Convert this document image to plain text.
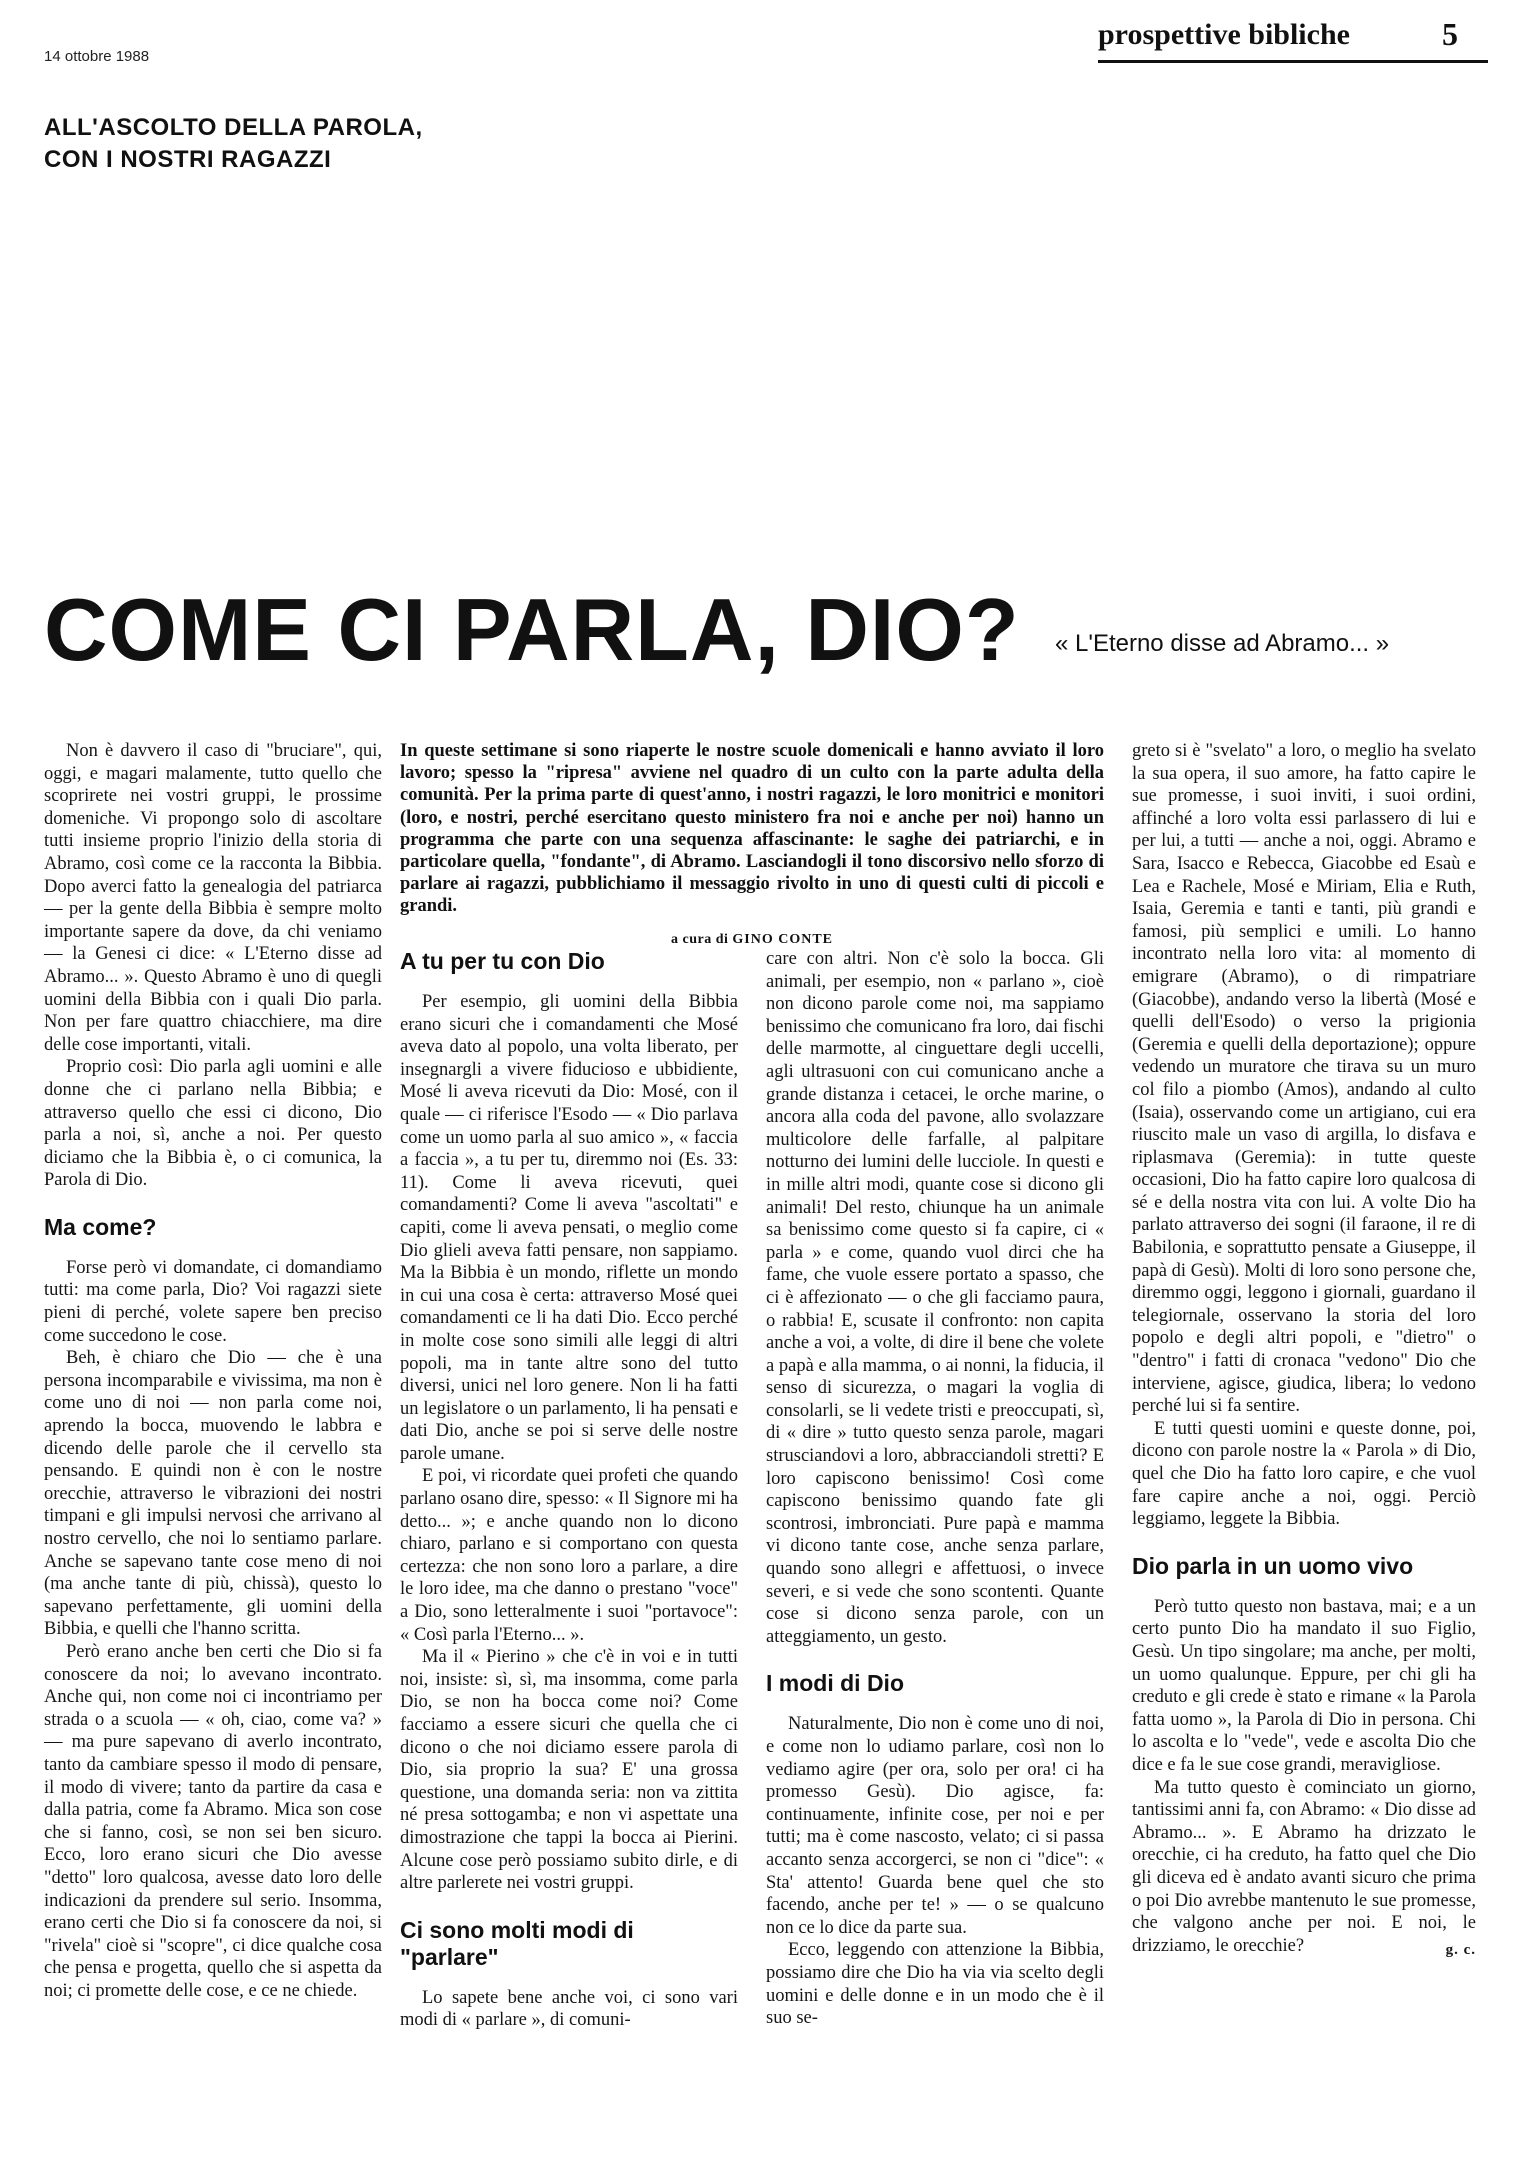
14 ottobre 1988
prospettive bibliche	5
ALL'ASCOLTO DELLA PAROLA,
CON I NOSTRI RAGAZZI
COME CI PARLA, DIO? « L'Eterno disse ad Abramo... »
In queste settimane si sono riaperte le nostre scuole domenicali e hanno avviato il loro lavoro; spesso la "ripresa" avviene nel quadro di un culto con la parte adulta della comunità. Per la prima parte di quest'anno, i nostri ragazzi, le loro monitrici e monitori (loro, e nostri, perché esercitano questo ministero fra noi e anche per noi) hanno un programma che parte con una sequenza affascinante: le saghe dei patriarchi, e in particolare quella, "fondante", di Abramo. Lasciandogli il tono discorsivo nello sforzo di parlare ai ragazzi, pubblichiamo il messaggio rivolto in uno di questi culti di piccoli e grandi.
a cura di GINO CONTE

Non è davvero il caso di "bruciare", qui, oggi, e magari malamente, tutto quello che scoprirete nei vostri gruppi, le prossime domeniche. Vi propongo solo di ascoltare tutti insieme proprio l'inizio della storia di Abramo, così come ce la racconta la Bibbia. Dopo averci fatto la genealogia del patriarca — per la gente della Bibbia è sempre molto importante sapere da dove, da chi veniamo — la Genesi ci dice: « L'Eterno disse ad Abramo... ». Questo Abramo è uno di quegli uomini della Bibbia con i quali Dio parla. Non per fare quattro chiacchiere, ma dire delle cose importanti, vitali.

Proprio così: Dio parla agli uomini e alle donne che ci parlano nella Bibbia; e attraverso quello che essi ci dicono, Dio parla a noi, sì, anche a noi. Per questo diciamo che la Bibbia è, o ci comunica, la Parola di Dio.

Ma come?

Forse però vi domandate, ci domandiamo tutti: ma come parla, Dio? Voi ragazzi siete pieni di perché, volete sapere ben preciso come succedono le cose.

Beh, è chiaro che Dio — che è una persona incomparabile e vivissima, ma non è come uno di noi — non parla come noi, aprendo la bocca, muovendo le labbra e dicendo delle parole che il cervello sta pensando. E quindi non è con le nostre orecchie, attraverso le vibrazioni dei nostri timpani e gli impulsi nervosi che arrivano al nostro cervello, che noi lo sentiamo parlare. Anche se sapevano tante cose meno di noi (ma anche tante di più, chissà), questo lo sapevano perfettamente, gli uomini della Bibbia, e quelli che l'hanno scritta.

Però erano anche ben certi che Dio si fa conoscere da noi; lo avevano incontrato. Anche qui, non come noi ci incontriamo per strada o a scuola — « oh, ciao, come va? » — ma pure sapevano di averlo incontrato, tanto da cambiare spesso il modo di pensare, il modo di vivere; tanto da partire da casa e dalla patria, come fa Abramo. Mica son cose che si fanno, così, se non sei ben sicuro. Ecco, loro erano sicuri che Dio avesse "detto" loro qualcosa, avesse dato loro delle indicazioni da prendere sul serio. Insomma, erano certi che Dio si fa conoscere da noi, si "rivela" cioè si "scopre", ci dice qualche cosa che pensa e progetta, quello che si aspetta da noi; ci promette delle cose, e ce ne chiede.

A tu per tu con Dio

Per esempio, gli uomini della Bibbia erano sicuri che i comandamenti che Mosé aveva dato al popolo, una volta liberato, per insegnargli a vivere fiducioso e ubbidiente, Mosé li aveva ricevuti da Dio: Mosé, con il quale — ci riferisce l'Esodo — « Dio parlava come un uomo parla al suo amico », « faccia a faccia », a tu per tu, diremmo noi (Es. 33: 11). Come li aveva ricevuti, quei comandamenti? Come li aveva "ascoltati" e capiti, come li aveva pensati, o meglio come Dio glieli aveva fatti pensare, non sappiamo. Ma la Bibbia è un mondo, riflette un mondo in cui una cosa è certa: attraverso Mosé quei comandamenti ce li ha dati Dio. Ecco perché in molte cose sono simili alle leggi di altri popoli, ma in tante altre sono del tutto diversi, unici nel loro genere. Non li ha fatti un legislatore o un parlamento, li ha pensati e dati Dio, anche se poi si serve delle nostre parole umane.

E poi, vi ricordate quei profeti che quando parlano osano dire, spesso: « Il Signore mi ha detto... »; e anche quando non lo dicono chiaro, parlano e si comportano con questa certezza: che non sono loro a parlare, a dire le loro idee, ma che danno o prestano "voce" a Dio, sono letteralmente i suoi "portavoce": « Così parla l'Eterno... ».

Ma il « Pierino » che c'è in voi e in tutti noi, insiste: sì, sì, ma insomma, come parla Dio, se non ha bocca come noi? Come facciamo a essere sicuri che quella che ci dicono o che noi diciamo essere parola di Dio, sia proprio la sua? E' una grossa questione, una domanda seria: non va zittita né presa sottogamba; e non vi aspettate una dimostrazione che tappi la bocca ai Pierini. Alcune cose però possiamo subito dirle, e di altre parlerete nei vostri gruppi.

Ci sono molti modi di "parlare"

Lo sapete bene anche voi, ci sono vari modi di « parlare », di comuni-

care con altri. Non c'è solo la bocca. Gli animali, per esempio, non « parlano », cioè non dicono parole come noi, ma sappiamo benissimo che comunicano fra loro, dai fischi delle marmotte, al cinguettare degli uccelli, agli ultrasuoni con cui comunicano anche a grande distanza i cetacei, le orche marine, o ancora alla coda del pavone, allo svolazzare multicolore delle farfalle, al palpitare notturno dei lumini delle lucciole. In questi e in mille altri modi, quante cose si dicono gli animali! Del resto, chiunque ha un animale sa benissimo come questo si fa capire, ci « parla » e come, quando vuol dirci che ha fame, che vuole essere portato a spasso, che ci è affezionato — o che gli facciamo paura, o rabbia! E, scusate il confronto: non capita anche a voi, a volte, di dire il bene che volete a papà e alla mamma, o ai nonni, la fiducia, il senso di sicurezza, o magari la voglia di consolarli, se li vedete tristi e preoccupati, sì, di « dire » tutto questo senza parole, magari strusciandovi a loro, abbracciandoli stretti? E loro capiscono benissimo! Così come capiscono benissimo quando fate gli scontrosi, imbronciati. Pure papà e mamma vi dicono tante cose, anche senza parlare, quando sono allegri e affettuosi, o invece severi, e si vede che sono scontenti. Quante cose si dicono senza parole, con un atteggiamento, un gesto.

I modi di Dio

Naturalmente, Dio non è come uno di noi, e come non lo udiamo parlare, così non lo vediamo agire (per ora, solo per ora! ci ha promesso Gesù). Dio agisce, fa: continuamente, infinite cose, per noi e per tutti; ma è come nascosto, velato; ci si passa accanto senza accorgerci, se non ci "dice": « Sta' attento! Guarda bene quel che sto facendo, anche per te! » — o se qualcuno non ce lo dice da parte sua.

Ecco, leggendo con attenzione la Bibbia, possiamo dire che Dio ha via via scelto degli uomini e delle donne e in un modo che è il suo se-

greto si è "svelato" a loro, o meglio ha svelato la sua opera, il suo amore, ha fatto capire le sue promesse, i suoi inviti, i suoi ordini, affinché a loro volta essi parlassero di lui e per lui, a tutti — anche a noi, oggi. Abramo e Sara, Isacco e Rebecca, Giacobbe ed Esaù e Lea e Rachele, Mosé e Miriam, Elia e Ruth, Isaia, Geremia e tanti e tanti, più grandi e famosi, più semplici e umili. Lo hanno incontrato nella loro vita: al momento di emigrare (Abramo), o di rimpatriare (Giacobbe), andando verso la libertà (Mosé e quelli dell'Esodo) o verso la prigionia (Geremia e quelli della deportazione); oppure vedendo un muratore che tirava su un muro col filo a piombo (Amos), andando al culto (Isaia), osservando come un artigiano, cui era riuscito male un vaso di argilla, lo disfava e riplasmava (Geremia): in tutte queste occasioni, Dio ha fatto capire loro qualcosa di sé e della nostra vita con lui. A volte Dio ha parlato attraverso dei sogni (il faraone, il re di Babilonia, e soprattutto pensate a Giuseppe, il papà di Gesù). Molti di loro sono persone che, diremmo oggi, leggono i giornali, guardano il telegiornale, osservano la storia del loro popolo e degli altri popoli, e "dietro" o "dentro" i fatti di cronaca "vedono" Dio che interviene, agisce, giudica, libera; lo vedono perché lui si fa sentire.

E tutti questi uomini e queste donne, poi, dicono con parole nostre la « Parola » di Dio, quel che Dio ha fatto loro capire, e che vuol fare capire anche a noi, oggi. Perciò leggiamo, leggete la Bibbia.

Dio parla in un uomo vivo

Però tutto questo non bastava, mai; e a un certo punto Dio ha mandato il suo Figlio, Gesù. Un tipo singolare; ma anche, per molti, un uomo qualunque. Eppure, per chi gli ha creduto e gli crede è stato e rimane « la Parola fatta uomo », la Parola di Dio in persona. Chi lo ascolta e lo "vede", vede e ascolta Dio che dice e fa le sue cose grandi, meravigliose.

Ma tutto questo è cominciato un giorno, tantissimi anni fa, con Abramo: « Dio disse ad Abramo... ». E Abramo ha drizzato le orecchie, ci ha creduto, ha fatto quel che Dio gli diceva ed è andato avanti sicuro che prima o poi Dio avrebbe mantenuto le sue promesse, che valgono anche per noi. E noi, le drizziamo, le orecchie?	g. c.
